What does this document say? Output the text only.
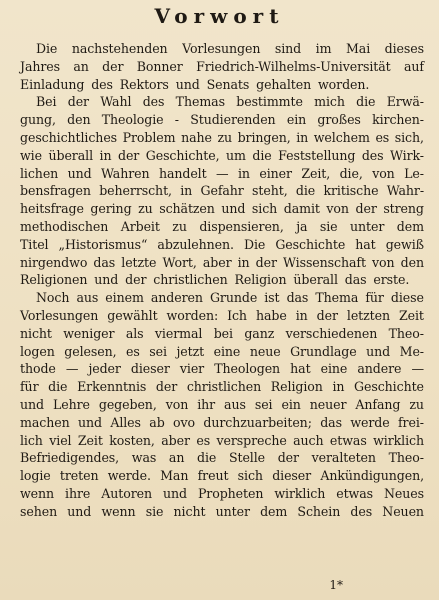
Vorwort
Die nachstehenden Vorlesungen sind im Mai dieses
Jahres an der Bonner Friedrich-Wilhelms-Universität auf
Einladung des Rektors und Senats gehalten worden.
Bei der Wahl des Themas bestimmte mich die Erwä-
gung, den Theologie - Studierenden ein großes kirchen-
geschichtliches Problem nahe zu bringen, in welchem es sich,
wie überall in der Geschichte, um die Feststellung des Wirk-
lichen und Wahren handelt — in einer Zeit, die, von Le-
bensfragen beherrscht, in Gefahr steht, die kritische Wahr-
heitsfrage gering zu schätzen und sich damit von der streng
methodischen Arbeit zu dispensieren, ja sie unter dem
Titel „Historismus“ abzulehnen. Die Geschichte hat gewiß
nirgendwo das letzte Wort, aber in der Wissenschaft von den
Religionen und der christlichen Religion überall das erste.
Noch aus einem anderen Grunde ist das Thema für diese
Vorlesungen gewählt worden: Ich habe in der letzten Zeit
nicht weniger als viermal bei ganz verschiedenen Theo-
logen gelesen, es sei jetzt eine neue Grundlage und Me-
thode — jeder dieser vier Theologen hat eine andere —
für die Erkenntnis der christlichen Religion in Geschichte
und Lehre gegeben, von ihr aus sei ein neuer Anfang zu
machen und Alles ab ovo durchzuarbeiten; das werde frei-
lich viel Zeit kosten, aber es verspreche auch etwas wirklich
Befriedigendes, was an die Stelle der veralteten Theo-
logie treten werde. Man freut sich dieser Ankündigungen,
wenn ihre Autoren und Propheten wirklich etwas Neues
sehen und wenn sie nicht unter dem Schein des Neuen
1*
